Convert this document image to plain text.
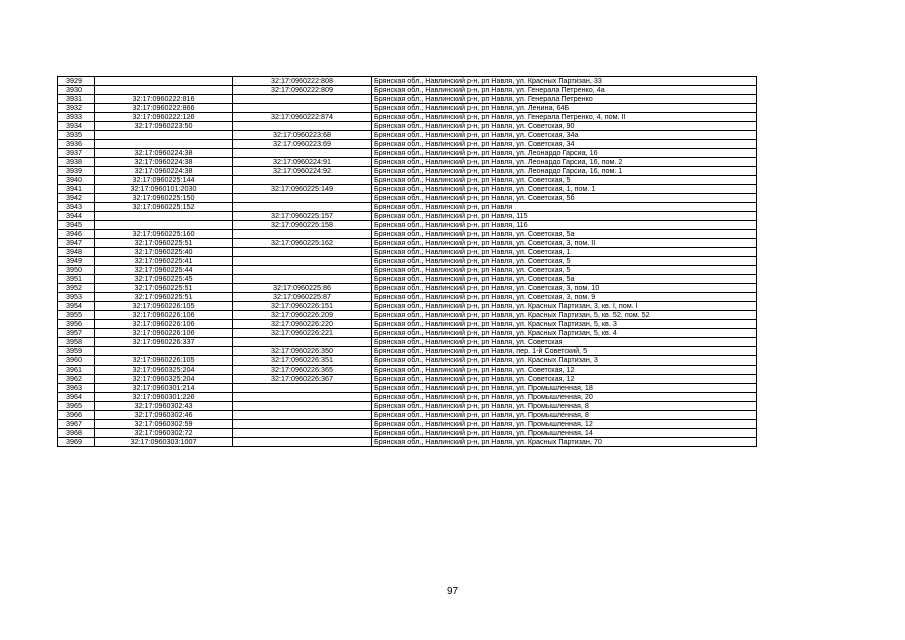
3929		32:17:0960222:808	Брянская обл., Навлинский р-н, рп Навля, ул. Красных Партизан, 33
3930		32:17:0960222:809	Брянская обл., Навлинский р-н, рп Навля, ул. Генерала Петренко, 4а
3931	32:17:0960222:816		Брянская обл., Навлинский р-н, рп Навля, ул. Генерала Петренко
3932	32:17:0960222:866		Брянская обл., Навлинский р-н, рп Навля, ул. Ленина, 64Б
3933	32:17:0960222:126	32:17:0960222:874	Брянская обл., Навлинский р-н, рп Навля, ул. Генерала Петренко, 4, пом. II
3934	32:17:0960223:50		Брянская обл., Навлинский р-н, рп Навля, ул. Советская, 90
3935		32:17:0960223:68	Брянская обл., Навлинский р-н, рп Навля, ул. Советская, 34а
3936		32:17:0960223:69	Брянская обл., Навлинский р-н, рп Навля, ул. Советская, 34
3937	32:17:0960224:38		Брянская обл., Навлинский р-н, рп Навля, ул. Леонардо Гарсиа, 16
3938	32:17:0960224:38	32:17:0960224:91	Брянская обл., Навлинский р-н, рп Навля, ул. Леонардо Гарсиа, 16, пом. 2
3939	32:17:0960224:38	32:17:0960224:92	Брянская обл., Навлинский р-н, рп Навля, ул. Леонардо Гарсиа, 16, пом. 1
3940	32:17:0960225:144		Брянская обл., Навлинский р-н, рп Навля, ул. Советская, 5
3941	32:17:0960101:2030	32:17:0960225:149	Брянская обл., Навлинский р-н, рп Навля, ул. Советская, 1, пом. 1
3942	32:17:0960225:150		Брянская обл., Навлинский р-н, рп Навля, ул. Советская, 5б
3943	32:17:0960225:152		Брянская обл., Навлинский р-н, рп Навля
3944		32:17:0960225:157	Брянская обл., Навлинский р-н, рп Навля, 115
3945		32:17:0960225:158	Брянская обл., Навлинский р-н, рп Навля, 116
3946	32:17:0960225:160		Брянская обл., Навлинский р-н, рп Навля, ул. Советская, 5а
3947	32:17:0960225:51	32:17:0960225:162	Брянская обл., Навлинский р-н, рп Навля, ул. Советская, 3, пом. II
3948	32:17:0960225:40		Брянская обл., Навлинский р-н, рп Навля, ул. Советская, 1
3949	32:17:0960225:41		Брянская обл., Навлинский р-н, рп Навля, ул. Советская, 5
3950	32:17:0960225:44		Брянская обл., Навлинский р-н, рп Навля, ул. Советская, 5
3951	32:17:0960225:45		Брянская обл., Навлинский р-н, рп Навля, ул. Советская, 5а
3952	32:17:0960225:51	32:17:0960225:86	Брянская обл., Навлинский р-н, рп Навля, ул. Советская, 3, пом. 10
3953	32:17:0960225:51	32:17:0960225:87	Брянская обл., Навлинский р-н, рп Навля, ул. Советская, 3, пом. 9
3954	32:17:0960226:105	32:17:0960226:151	Брянская обл., Навлинский р-н, рп Навля, ул. Красных Партизан, 3, кв. I, пом. I
3955	32:17:0960226:106	32:17:0960226:209	Брянская обл., Навлинский р-н, рп Навля, ул. Красных Партизан, 5, кв. 52, пом. 52
3956	32:17:0960226:106	32:17:0960226:220	Брянская обл., Навлинский р-н, рп Навля, ул. Красных Партизан, 5, кв. 3
3957	32:17:0960226:106	32:17:0960226:221	Брянская обл., Навлинский р-н, рп Навля, ул. Красных Партизан, 5, кв. 4
3958	32:17:0960226:337		Брянская обл., Навлинский р-н, рп Навля, ул. Советская
3959		32:17:0960226:350	Брянская обл., Навлинский р-н, рп Навля, пер. 1-й Советский, 5
3960	32:17:0960226:105	32:17:0960226:351	Брянская обл., Навлинский р-н, рп Навля, ул. Красных Партизан, 3
3961	32:17:0960325:204	32:17:0960226:365	Брянская обл., Навлинский р-н, рп Навля, ул. Советская, 12
3962	32:17:0960325:204	32:17:0960226:367	Брянская обл., Навлинский р-н, рп Навля, ул. Советская, 12
3963	32:17:0960301:214		Брянская обл., Навлинский р-н, рп Навля, ул. Промышленная, 18
3964	32:17:0960301:226		Брянская обл., Навлинский р-н, рп Навля, ул. Промышленная, 20
3965	32:17:0960302:43		Брянская обл., Навлинский р-н, рп Навля, ул. Промышленная, 8
3966	32:17:0960302:46		Брянская обл., Навлинский р-н, рп Навля, ул. Промышленная, 8
3967	32:17:0960302:59		Брянская обл., Навлинский р-н, рп Навля, ул. Промышленная, 12
3968	32:17:0960302:72		Брянская обл., Навлинский р-н, рп Навля, ул. Промышленная, 14
3969	32:17:0960303:1007		Брянская обл., Навлинский р-н, рп Навля, ул. Красных Партизан, 70
97
